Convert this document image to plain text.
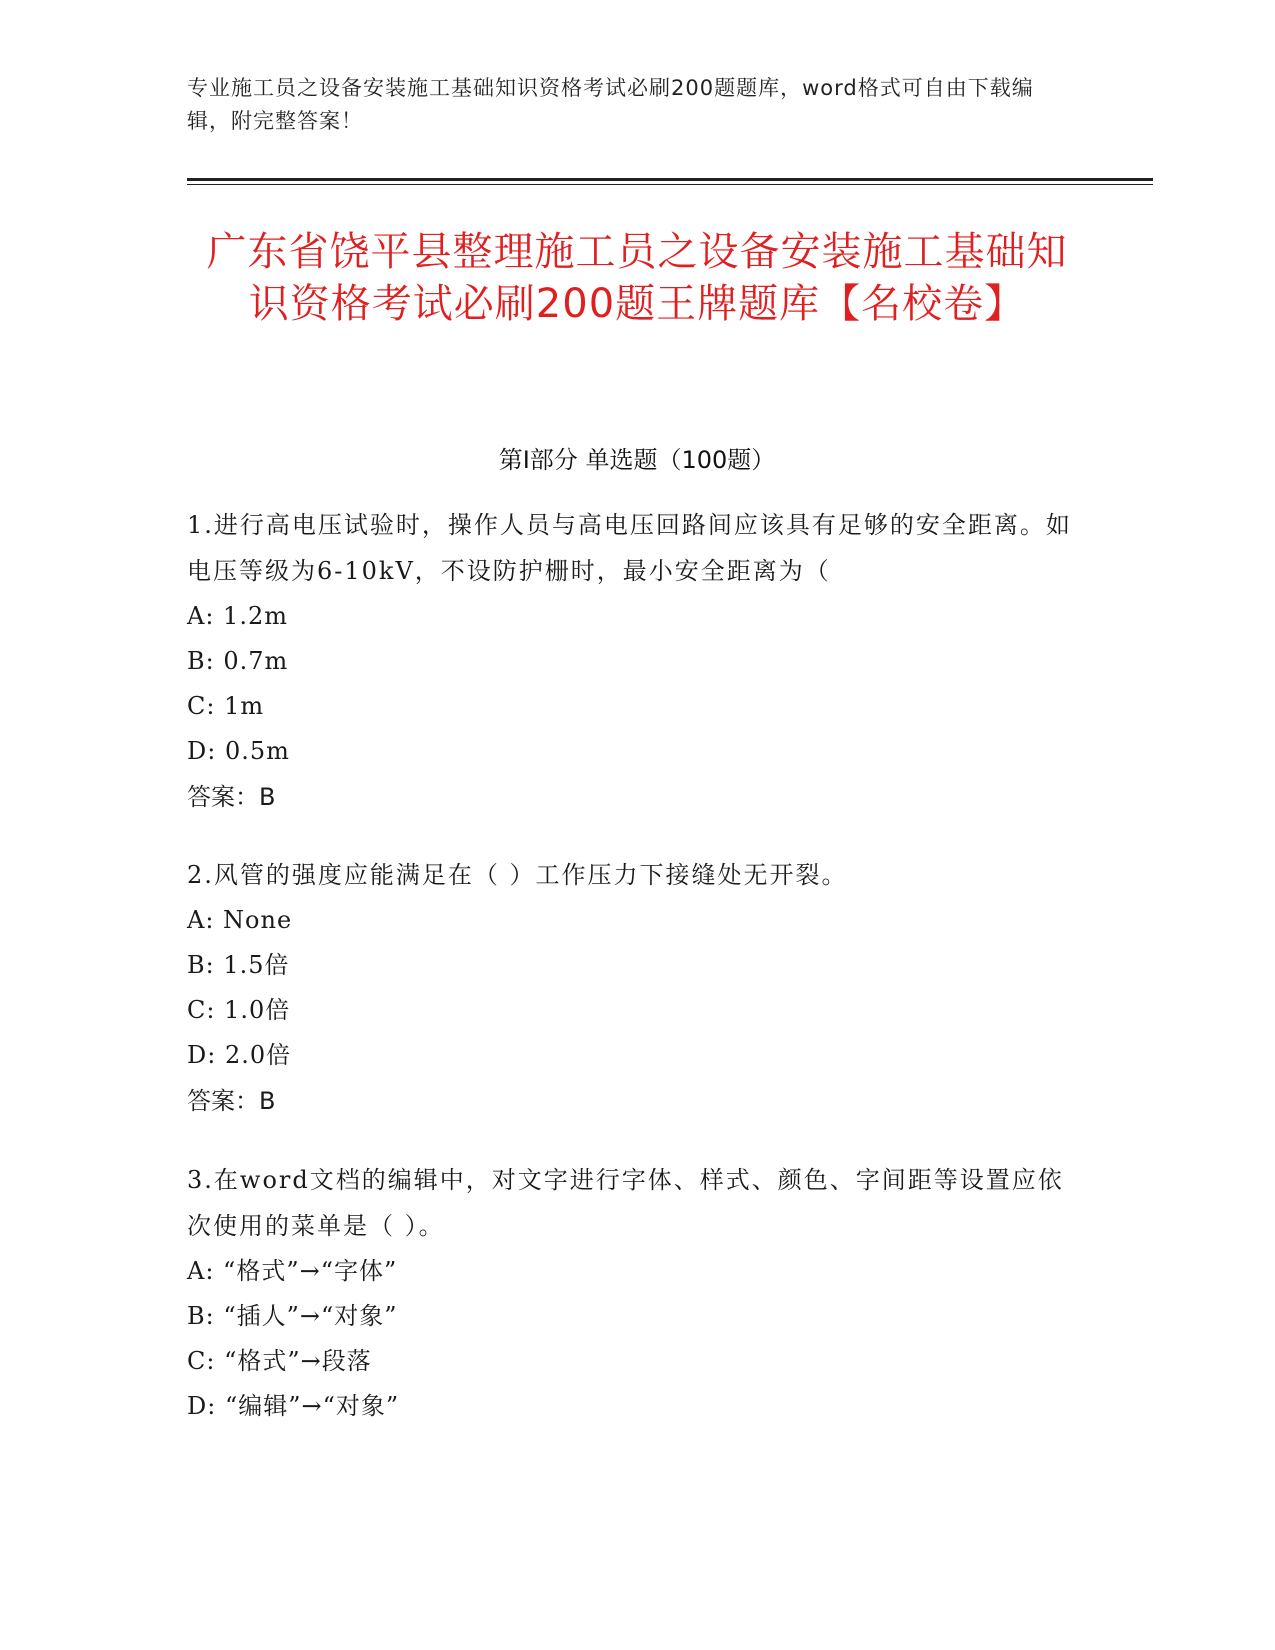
专业施工员之设备安装施工基础知识资格考试必刷200题题库，word格式可自由下载编辑，附完整答案！
广东省饶平县整理施工员之设备安装施工基础知识资格考试必刷200题王牌题库【名校卷】
第I部分 单选题（100题）
1.进行高电压试验时，操作人员与高电压回路间应该具有足够的安全距离。如电压等级为6-10kV，不设防护栅时，最小安全距离为（
A: 1.2m
B: 0.7m
C: 1m
D: 0.5m
答案：B
2.风管的强度应能满足在（ ）工作压力下接缝处无开裂。
A: None
B: 1.5倍
C: 1.0倍
D: 2.0倍
答案：B
3.在word文档的编辑中，对文字进行字体、样式、颜色、字间距等设置应依次使用的菜单是（ ）。
A: “格式”→“字体”
B: “插人”→“对象”
C: “格式”→段落
D: “编辑”→“对象”
